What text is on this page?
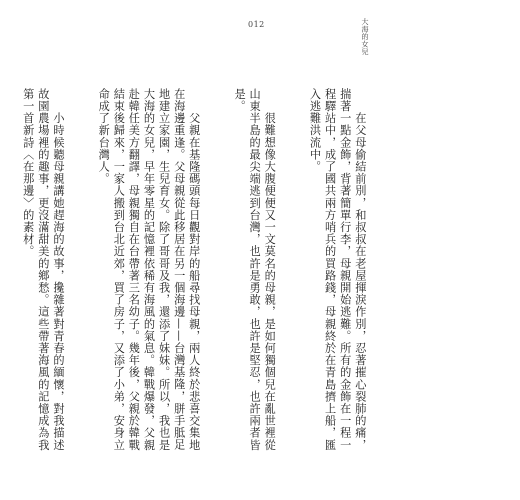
012	大海的女兒

　　在父母偷結前別，和叔叔在老屋揮淚作別，忍著摧心裂肺的痛，揣著一點金飾，背著簡單行李，母親開始逃難。所有的金飾在一程一程驛站中，成了國共兩方哨兵的買路錢，母親終於在青島擠上船，匯入逃難洪流中。

　　很難想像大腹便便又一文莫名的母親，是如何獨個兒在亂世裡從山東半島的最尖端逃到台灣，也許是勇敢，也許是堅忍，也許兩者皆是。

　　父親在基隆碼頭每日觀對岸的船尋找母親，兩人終於悲喜交集地在海邊重逢。父母親從此移居在另一個海邊——台灣基隆，胼手胝足地建立家園，生兒育女。除了哥哥及我，還添了妹妹。所以，我也是大海的女兒，早年零星的記憶裡依稀有海風的氣息。韓戰爆發，父親赴韓任美方翻譯，母親獨自在台帶著三名幼子。幾年後，父親於韓戰結束後歸來，一家人搬到台北近郊，買了房子，又添了小弟，安身立命成了新台灣人。

　　小時候聽母親講她趕海的故事，攙雜著對青春的緬懷，對我描述故園農場裡的趣事，更沒滿甜美的鄉愁。這些帶著海風的記憶成為我第一首新詩〈在那邊〉的素材。
